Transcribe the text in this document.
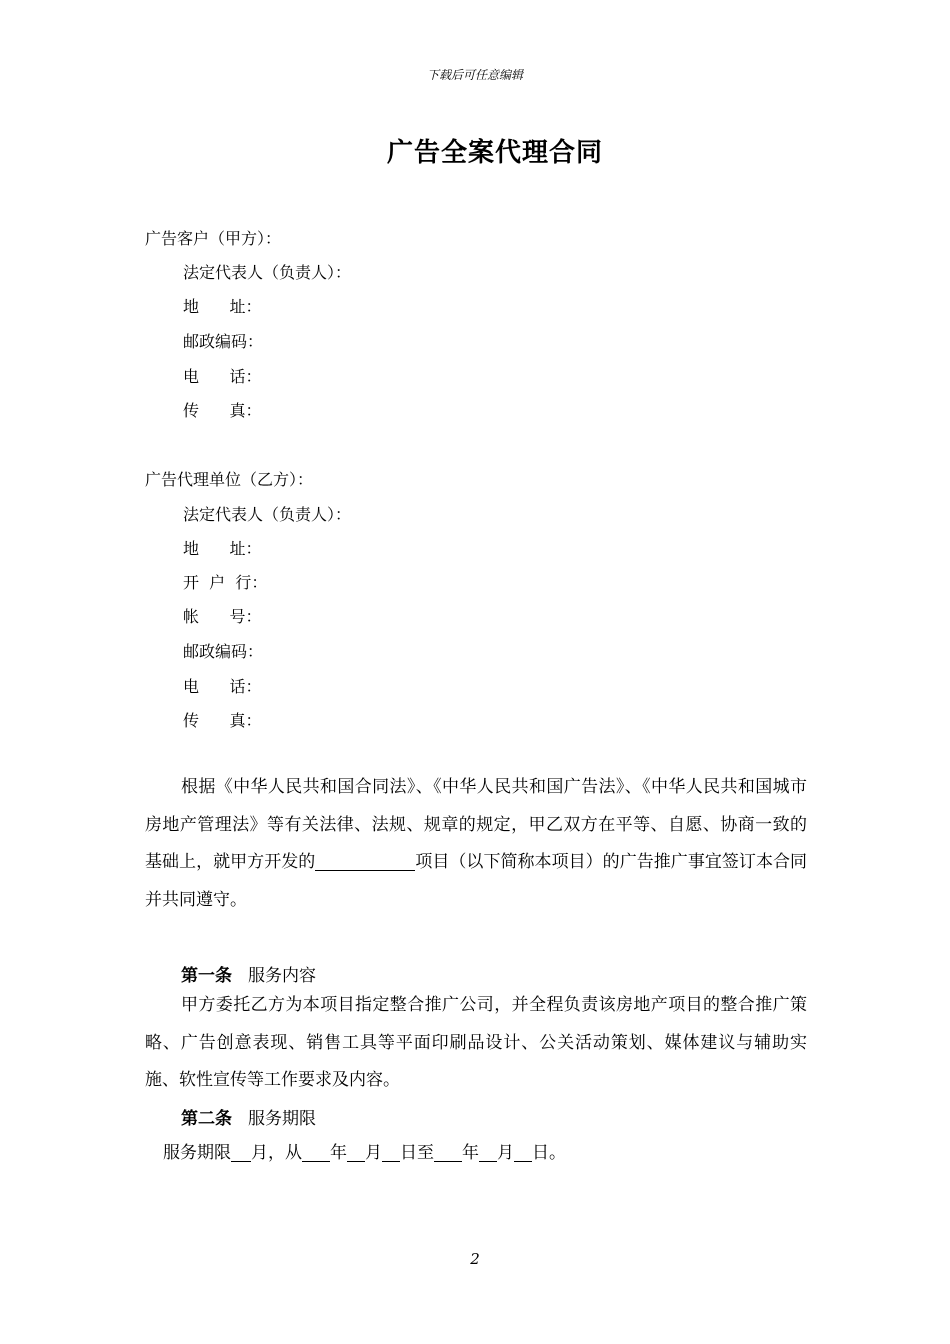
下载后可任意编辑
广告全案代理合同
广告客户（甲方）：
法定代表人（负责人）：
地      址：
邮政编码：
电      话：
传      真：
广告代理单位（乙方）：
法定代表人（负责人）：
地      址：
开  户  行：
帐      号：
邮政编码：
电      话：
传      真：

根据《中华人民共和国合同法》、《中华人民共和国广告法》、《中华人民共和国城市房地产管理法》等有关法律、法规、规章的规定，甲乙双方在平等、自愿、协商一致的基础上，就甲方开发的	项目（以下简称本项目）的广告推广事宜签订本合同并共同遵守。

第一条 服务内容

甲方委托乙方为本项目指定整合推广公司，并全程负责该房地产项目的整合推广策略、广告创意表现、销售工具等平面印刷品设计、公关活动策划、媒体建议与辅助实施、软性宣传等工作要求及内容。

第二条 服务期限
服务期限 月，从 年 月 日至 年 月 日。
2
